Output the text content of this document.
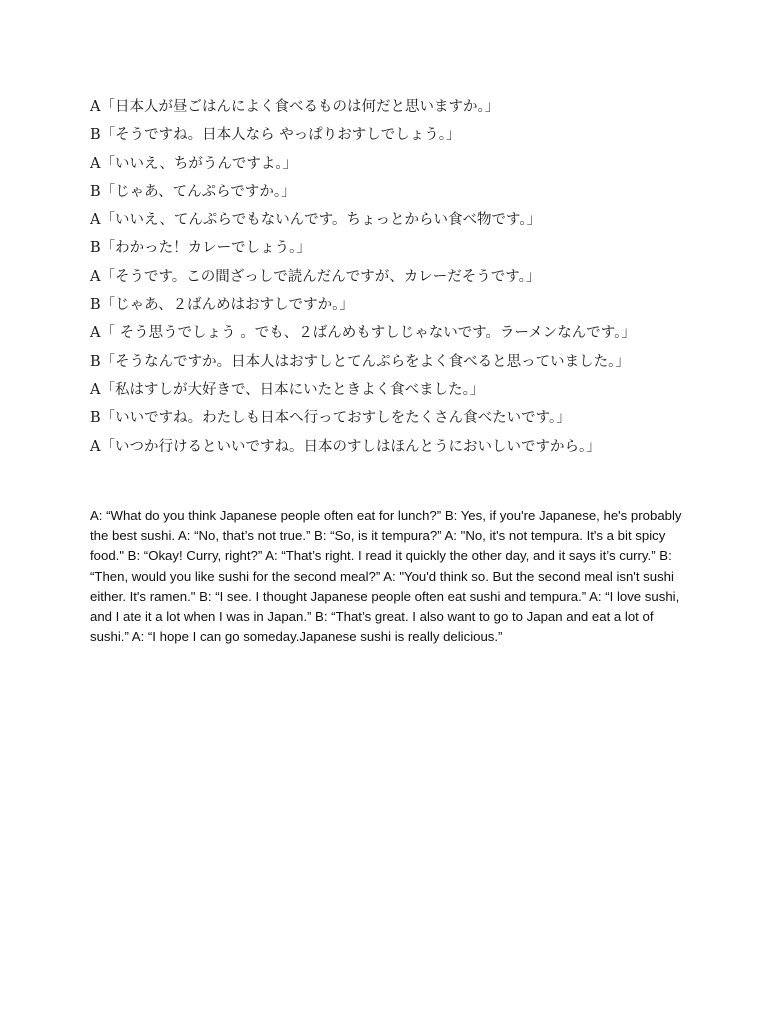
A「日本人が昼ごはんによく食べるものは何だと思いますか。」
B「そうですね。日本人なら やっぱりおすしでしょう。」
A「いいえ、ちがうんですよ。」
B「じゃあ、てんぷらですか。」
A「いいえ、てんぷらでもないんです。ちょっとからい食べ物です。」
B「わかった！カレーでしょう。」
A「そうです。この間ざっしで読んだんですが、カレーだそうです。」
B「じゃあ、２ばんめはおすしですか。」
A「 そう思うでしょう 。でも、２ばんめもすしじゃないです。ラーメンなんです。」
B「そうなんですか。日本人はおすしとてんぷらをよく食べると思っていました。」
A「私はすしが大好きで、日本にいたときよく食べました。」
B「いいですね。わたしも日本へ行っておすしをたくさん食べたいです。」
A「いつか行けるといいですね。日本のすしはほんとうにおいしいですから。」

A: “What do you think Japanese people often eat for lunch?” B: Yes, if you're Japanese, he's probably the best sushi. A: “No, that’s not true.” B: “So, is it tempura?” A: "No, it's not tempura. It's a bit spicy food." B: “Okay! Curry, right?” A: “That’s right. I read it quickly the other day, and it says it’s curry.” B: “Then, would you like sushi for the second meal?” A: "You'd think so. But the second meal isn't sushi either. It's ramen." B: “I see. I thought Japanese people often eat sushi and tempura.” A: “I love sushi, and I ate it a lot when I was in Japan.” B: “That’s great. I also want to go to Japan and eat a lot of sushi.” A: “I hope I can go someday.Japanese sushi is really delicious.”
